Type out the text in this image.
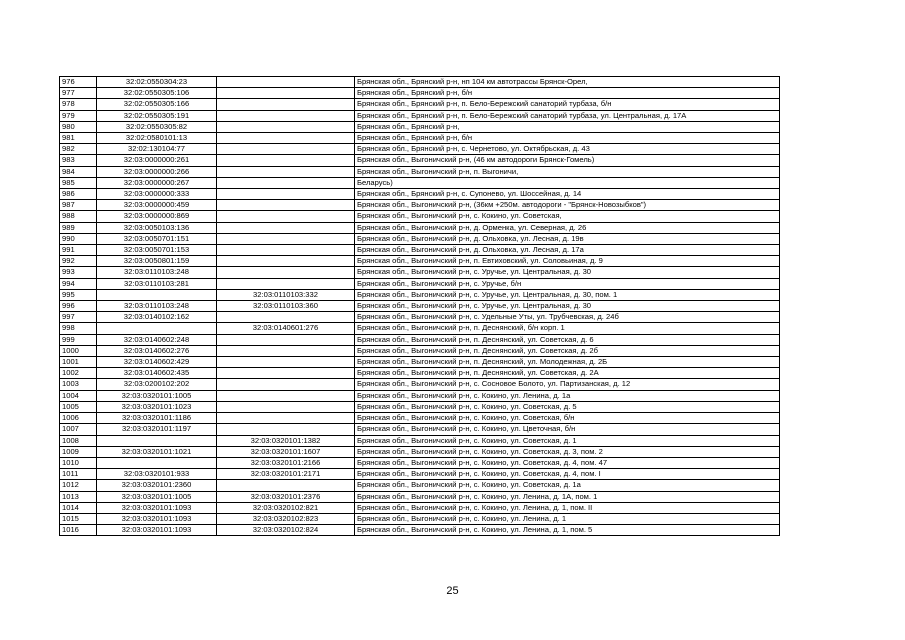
976	32:02:0550304:23		Брянская обл., Брянский р-н, нп 104 км автотрассы Брянск-Орел,
977	32:02:0550305:106		Брянская обл., Брянский р-н, б/н
978	32:02:0550305:166		Брянская обл., Брянский р-н, п. Бело-Бережский санаторий турбаза, б/н
979	32:02:0550305:191		Брянская обл., Брянский р-н, п. Бело-Бережский санаторий турбаза, ул. Центральная, д. 17А
980	32:02:0550305:82		Брянская обл., Брянский р-н,
981	32:02:0580101:13		Брянская обл., Брянский р-н, б/н
982	32:02:130104:77		Брянская обл., Брянский р-н, с. Чернетово, ул. Октябрьская, д. 43
983	32:03:0000000:261		Брянская обл., Выгоничский р-н, (46 км автодороги Брянск-Гомель)
984	32:03:0000000:266		Брянская обл., Выгоничский р-н, п. Выгоничи,
985	32:03:0000000:267		Беларусь)
986	32:03:0000000:333		Брянская обл., Брянский р-н, с. Супонево, ул. Шоссейная, д. 14
987	32:03:0000000:459		Брянская обл., Выгоничский р-н, (36км +250м. автодороги - "Брянск-Новозыбков")
988	32:03:0000000:869		Брянская обл., Выгоничский р-н, с. Кокино, ул. Советская,
989	32:03:0050103:136		Брянская обл., Выгоничский р-н, д. Орменка, ул. Северная, д. 26
990	32:03:0050701:151		Брянская обл., Выгоничский р-н, д. Ольховка, ул. Лесная, д. 19в
991	32:03:0050701:153		Брянская обл., Выгоничский р-н, д. Ольховка, ул. Лесная, д. 17а
992	32:03:0050801:159		Брянская обл., Выгоничский р-н, п. Евтиховский, ул. Соловьиная, д. 9
993	32:03:0110103:248		Брянская обл., Выгоничский р-н, с. Уручье, ул. Центральная, д. 30
994	32:03:0110103:281		Брянская обл., Выгоничский р-н, с. Уручье, б/н
995		32:03:0110103:332	Брянская обл., Выгоничский р-н, с. Уручье, ул. Центральная, д. 30, пом. 1
996	32:03:0110103:248	32:03:0110103:360	Брянская обл., Выгоничский р-н, с. Уручье, ул. Центральная, д. 30
997	32:03:0140102:162		Брянская обл., Выгоничский р-н, с. Удельные Уты, ул. Трубчевская, д. 24б
998		32:03:0140601:276	Брянская обл., Выгоничский р-н, п. Деснянский, б/н корп. 1
999	32:03:0140602:248		Брянская обл., Выгоничский р-н, п. Деснянский, ул. Советская, д. 6
1000	32:03:0140602:276		Брянская обл., Выгоничский р-н, п. Деснянский, ул. Советская, д. 2б
1001	32:03:0140602:429		Брянская обл., Выгоничский р-н, п. Деснянский, ул. Молодежная, д. 2Б
1002	32:03:0140602:435		Брянская обл., Выгоничский р-н, п. Деснянский, ул. Советская, д. 2А
1003	32:03:0200102:202		Брянская обл., Выгоничский р-н, с. Сосновое Болото, ул. Партизанская, д. 12
1004	32:03:0320101:1005		Брянская обл., Выгоничский р-н, с. Кокино, ул. Ленина, д. 1а
1005	32:03:0320101:1023		Брянская обл., Выгоничский р-н, с. Кокино, ул. Советская, д. 5
1006	32:03:0320101:1186		Брянская обл., Выгоничский р-н, с. Кокино, ул. Советская, б/н
1007	32:03:0320101:1197		Брянская обл., Выгоничский р-н, с. Кокино, ул. Цветочная, б/н
1008		32:03:0320101:1382	Брянская обл., Выгоничский р-н, с. Кокино, ул. Советская, д. 1
1009	32:03:0320101:1021	32:03:0320101:1607	Брянская обл., Выгоничский р-н, с. Кокино, ул. Советская, д. 3, пом. 2
1010		32:03:0320101:2166	Брянская обл., Выгоничский р-н, с. Кокино, ул. Советская, д. 4, пом. 47
1011	32:03:0320101:933	32:03:0320101:2171	Брянская обл., Выгоничский р-н, с. Кокино, ул. Советская, д. 4, пом. I
1012	32:03:0320101:2360		Брянская обл., Выгоничский р-н, с. Кокино, ул. Советская, д. 1а
1013	32:03:0320101:1005	32:03:0320101:2376	Брянская обл., Выгоничский р-н, с. Кокино, ул. Ленина, д. 1А, пом. 1
1014	32:03:0320101:1093	32:03:0320102:821	Брянская обл., Выгоничский р-н, с. Кокино, ул. Ленина, д. 1, пом. II
1015	32:03:0320101:1093	32:03:0320102:823	Брянская обл., Выгоничский р-н, с. Кокино, ул. Ленина, д. 1
1016	32:03:0320101:1093	32:03:0320102:824	Брянская обл., Выгоничский р-н, с. Кокино, ул. Ленина, д. 1, пом. 5
25
